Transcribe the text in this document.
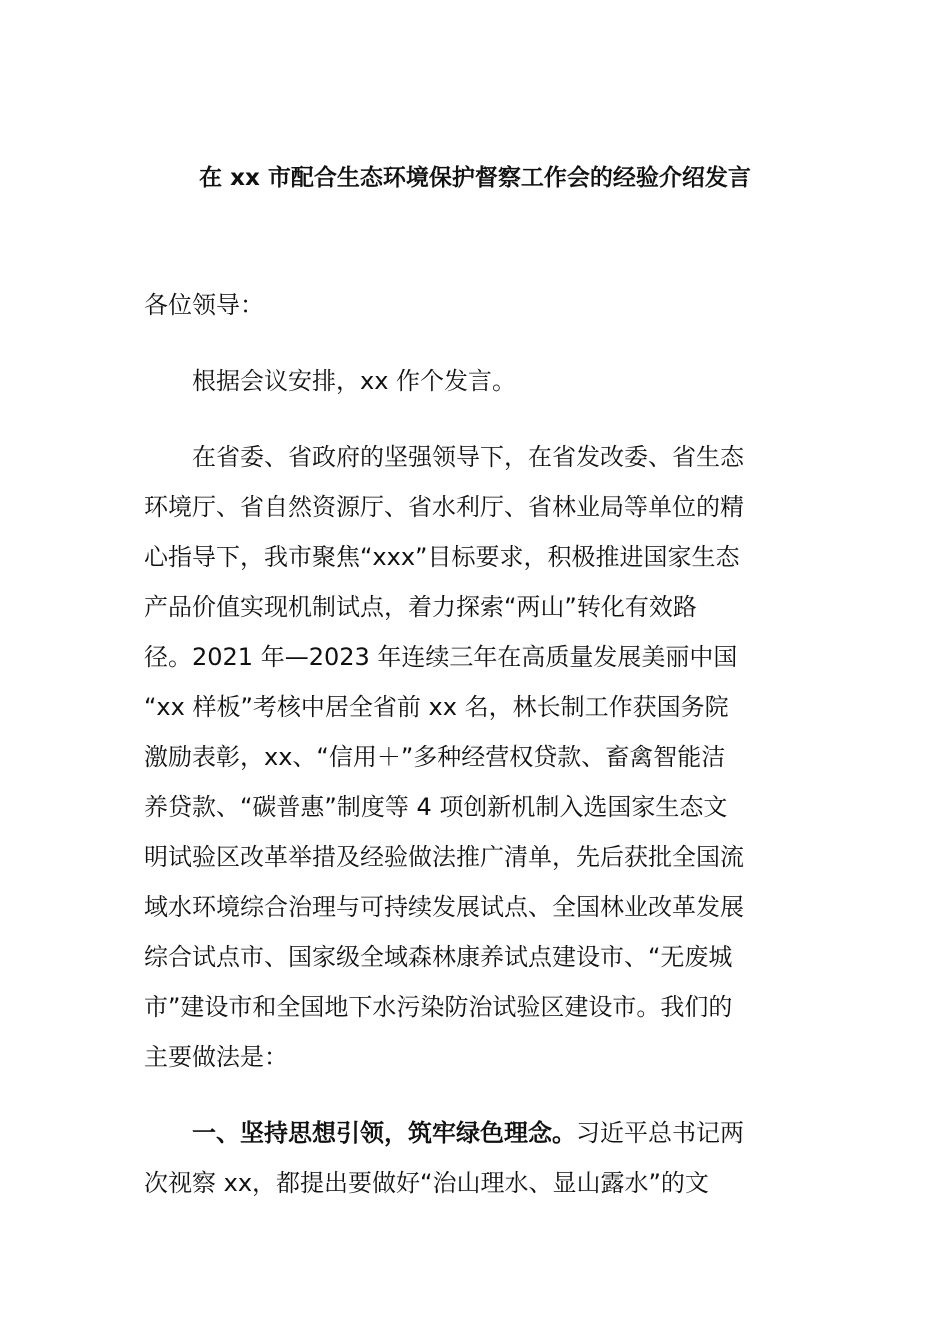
在 xx 市配合生态环境保护督察工作会的经验介绍发言

各位领导：

根据会议安排，xx 作个发言。

在省委、省政府的坚强领导下，在省发改委、省生态
环境厅、省自然资源厅、省水利厅、省林业局等单位的精
心指导下，我市聚焦“xxx”目标要求，积极推进国家生态
产品价值实现机制试点，着力探索“两山”转化有效路
径。2021 年—2023 年连续三年在高质量发展美丽中国
“xx 样板”考核中居全省前 xx 名，林长制工作获国务院
激励表彰，xx、“信用＋”多种经营权贷款、畜禽智能洁
养贷款、“碳普惠”制度等 4 项创新机制入选国家生态文
明试验区改革举措及经验做法推广清单，先后获批全国流
域水环境综合治理与可持续发展试点、全国林业改革发展
综合试点市、国家级全域森林康养试点建设市、“无废城
市”建设市和全国地下水污染防治试验区建设市。我们的
主要做法是：

一、坚持思想引领，筑牢绿色理念。习近平总书记两
次视察 xx，都提出要做好“治山理水、显山露水”的文
